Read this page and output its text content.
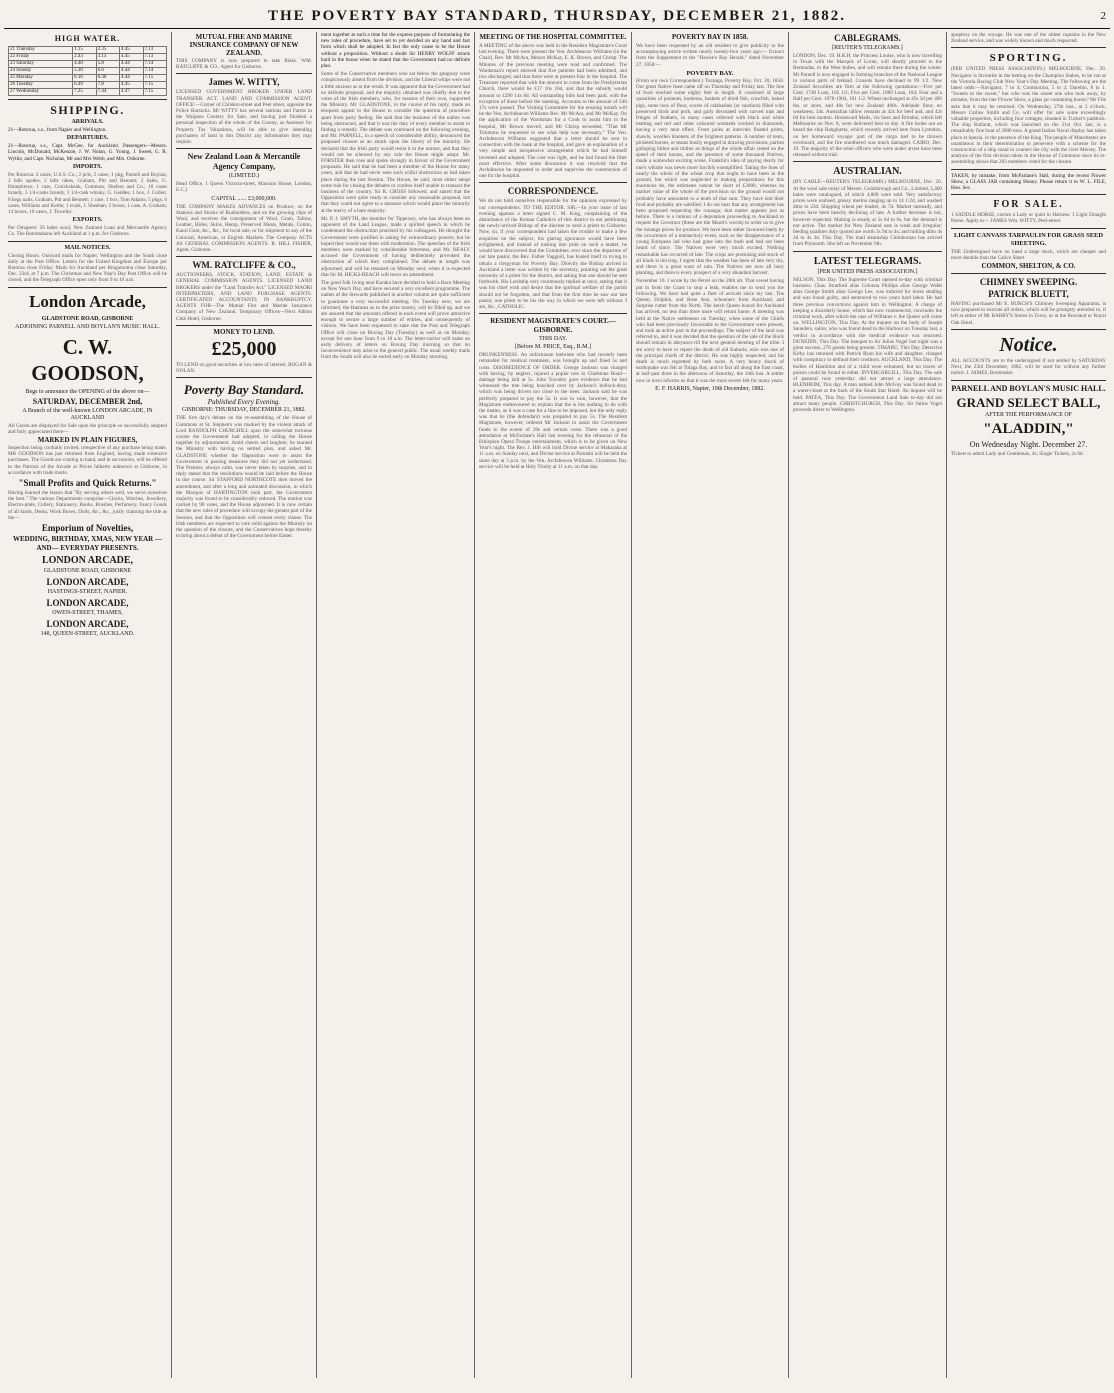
THE POVERTY BAY STANDARD, THURSDAY, DECEMBER 21, 1882.	2
HIGH WATER.
21 Thursday	1.15	2.35	4.45	7.13
22 Friday	2.43	3.13	4.45	7.13
23 Saturday	4.40	5.8	4.44	7.14
24 Sunday	5.30	6.0	4.44	7.14
25 Monday	6.16	6.30	4.44	7.15
26 Tuesday	6.49	7.8	4.45	7.15
27 Wednesday	7.25	7.44	4.47	7.15
SHIPPING.
ARRIVALS.

21—Rotorua, s.s., from Napier and Wellington.

DEPARTURES.

21—Rotorua, s.s., Capt. McGee, for Auckland. Passengers—Messrs. Lincoln, McDonald, McKenzie, J. W. Nolan, G. Young, J. Sweet, G. R. Wyllie, and Capt. Nicholas, Mr and Mrs Webb, and Mrs. Osborne.

IMPORTS.

Per Rotorua: 2 cases, U.S.S. Co.; 2 pcls, 2 cases, 1 pkg, Parnell and Boylan; 3 bdls spades, 2 bdls rakes, Graham, Pitt and Bennett; 2 bales, G. Humphreys; 1 case, Cruickshank, Common, Shelton and Co.; 10 cases brandy, 3 1/4-casks brandy, 1 1/4-cask whisky, G. Geddes; 1 box, J. Cullen; 8 kegs nails, Graham, Pitt and Bennett; 1 case, 1 box, Tom Adams; 5 pkgs, 6 cases, Williams and Kettle; 1 trunk, J. Sheehan; 2 boxes, 1 case, A. Graham; 14 boxes, 10 cases, J. Townley.

EXPORTS.

Per Omapere: 56 bales wool, New Zealand Loan and Mercantile Agency Co. The Rotomahana left Auckland at 1 p.m. for Gisborne.

MAIL NOTICES.

Closing Hours. Outward mails for Napier, Wellington and the South close daily at the Post Office. Letters for the United Kingdom and Europe per Rotorua close Friday. Mails for Auckland per Ringarooma close Saturday, Dec. 23rd, at 7 p.m. The Christmas and New Year's Day Post Office will be closed, and the Telegraph Office open only from 9 to 10 a.m.

London Arcade,
GLADSTONE ROAD, GISBORNE
ADJOINING PARNELL AND BOYLAN'S MUSIC HALL.
C. W. GOODSON,
Begs to announce the OPENING of the above on—
SATURDAY, DECEMBER 2nd,
A Branch of the well-known LONDON ARCADE, IN AUCKLAND

All Goods are displayed for Sale upon the principle so successfully adopted and fully appreciated there—

MARKED IN PLAIN FIGURES,

Inspection being cordially invited, irrespective of any purchase being made. MR GOODSON has just returned from England, having made extensive purchases. The Goods are coming to hand, and in succession, will be offered to the Patrons of the Arcade at Prices hitherto unknown at Gisborne, in accordance with trade motto.

"Small Profits and Quick Returns."

Having learned the lesson that "By serving others well, we serve ourselves the best." The various Departments comprise—Clocks, Watches, Jewellery, Electro-plate, Cutlery, Stationery, Books, Brushes, Perfumery, Fancy Goods of all kinds, Desks, Work Boxes, Dolls, &c., &c., justly claiming the title as the—

Emporium of Novelties,
WEDDING, BIRTHDAY, XMAS, NEW YEAR —AND— EVERYDAY PRESENTS.
LONDON ARCADE,
GLADSTONE ROAD, GISBORNE
LONDON ARCADE,
HASTINGS-STREET, NAPIER.
LONDON ARCADE,
OWEN-STREET, THAMES,
LONDON ARCADE,
148, QUEEN-STREET, AUCKLAND.
MUTUAL FIRE AND MARINE INSURANCE COMPANY OF NEW ZEALAND.

THIS COMPANY is now prepared to take Risks. WM. RATCLIFFE & CO., Agent for Gisborne.

James W. WITTY,

LICENSED GOVERNMENT BROKER UNDER LAND TRANSFER ACT. LAND AND COMMISSION AGENT. OFFICE:—Corner of Childers-street and Peel street, opposite the Police Barracks. Mr WITTY has several stations and Farms in the Waipaoa Country for Sale, and having just finished a personal inspection of the whole of the County, as Assessor for Property Tax Valuations, will be able to give intending purchasers of land in this District any information they may require.

New Zealand Loan & Mercantile Agency Company,
(LIMITED.)

Head Office, 1 Queen Victoria-street, Mansion House, London, E.C.)

CAPITAL ...... £3,000,000.

THE COMPANY MAKES ADVANCES on Produce, on the Stations and Stocks of Runholders, and on the growing clips of Wool, and receives the consignment of Wool, Grain, Tallow, Leather, Hides, Skins, Hemp, Preserved Meats, Metals, Cotton, Kauri Gum, &c., &c., for local sale, or for shipment to any of the Colonial, American, or English Markets. The Company ACTS AS GENERAL COMMISSION AGENTS. R. HILL FISHER, Agent, Gisborne.

WM. RATCLIFFE & CO.,

AUCTIONEERS, STOCK, STATION, LAND, ESTATE & GENERAL COMMISSION AGENTS. LICENSED LAND BROKERS under the "Land Transfer Act." LICENSED MAORI INTERPRETERS, AND LAND PURCHASE AGENTS. CERTIFICATED ACCOUNTANTS IN BANKRUPTCY. AGENTS FOR—The Mutual Fire and Marine Insurance Company of New Zealand. Temporary Offices—Next Albion Club Hotel, Gisborne.

MONEY TO LEND.
£25,000

TO LEND on good securities at low rates of interest. ROGAN & NOLAN.

Poverty Bay Standard.
Published Every Evening.
GISBORNE: THURSDAY, DECEMBER 21, 1882.

THE first day's debate on the re-assembling of the House of Commons at St. Stephen's was marked by the violent attack of Lord RANDOLPH CHURCHILL upon the somewhat tortuous course the Government had adopted, in calling the House together by adjournment. Amid cheers and laughter, he taunted the Ministry with having no settled plan, and asked Mr. GLADSTONE whether the Opposition were to assist the Government in passing measures they did not yet understand. The Premier, always calm, was never taken by surprise, and in reply stated that the resolutions would be laid before the House in due course. Sir STAFFORD NORTHCOTE then moved the amendment, and after a long and animated discussion, in which the Marquis of HARTINGTON took part, the Government majority was found to be considerably reduced. The motion was carried by 98 votes, and the House adjourned. It is now certain that the new rules of procedure will occupy the greater part of the Session, and that the Opposition will contest every clause. The Irish members are expected to vote solid against the Ministry on the question of the closure, and the Conservatives hope thereby to bring about a defeat of the Government before Easter.

ment together at such a time for the express purpose of formulating the new rules of procedure, have set to yet decided on any hand and fast form which shall be adopted. In fact the only cause to be the House without a proposition. Without a doubt Sir HENRY WOLFF struck hard in the house when he stated that the Government had no definite plan.

Some of the Conservative members who sat below the gangway were conspicuously absent from the division, and the Liberal whips were not a little anxious as to the result. It was apparent that the Government had no definite proposal, and the majority obtained was chiefly due to the votes of the Irish members, who, for reasons of their own, supported the Ministry. Mr. GLADSTONE, in the course of his reply, made an eloquent appeal to the House to consider the question of procedure apart from party feeling. He said that the business of the nation was being obstructed, and that it was the duty of every member to assist in finding a remedy. The debate was continued on the following evening, and Mr. PARNELL, in a speech of considerable ability, denounced the proposed closure as an attack upon the liberty of the minority. He declared that the Irish party would resist it to the utmost, and that they would not be silenced by any rule the House might adopt. Mr. FORSTER then rose and spoke strongly in favour of the Government proposals. He said that he had been a member of the House for many years, and that he had never seen such wilful obstruction as had taken place during the last Session. The House, he said, must either adopt some rule for closing the debates or confess itself unable to transact the business of the country. Sir R. CROSS followed, and stated that the Opposition were quite ready to consider any reasonable proposal, but that they could not agree to a measure which would place the minority at the mercy of a bare majority.

Mr. P. J. SMYTH, the member for Tipperary, who has always been an opponent of the Land League, made a spirited speech in which he condemned the obstruction practised by his colleagues. He thought the Government were justified in asking for extraordinary powers, but he hoped they would use them with moderation. The speeches of the Irish members were marked by considerable bitterness, and Mr. HEALY accused the Government of having deliberately provoked the obstruction of which they complained. The debate at length was adjourned, and will be resumed on Monday next, when it is expected that Sir M. HICKS-BEACH will move an amendment.

The good folk living near Karaka have decided to hold a Race Meeting on New Year's Day, and have secured a very excellent programme. The names of the Stewards published in another column are quite sufficient to guarantee a very successful meeting. On Tuesday next, we are informed, the Hamuka as to the prize money, will be filled up, and we are assured that the amounts offered in each event will prove attractive enough to secure a large number of entries, and consequently of visitors. We have been requested to state that the Post and Telegraph Office will close on Boxing Day (Tuesday) as well as on Monday, except for one hour from 9 to 10 a.m. The letter-carrier will make an early delivery of letters on Boxing Day morning so that no inconvenience may arise to the general public. The usual weekly mails from the South will also be sorted early on Monday morning.

MEETING OF THE HOSPITAL COMMITTEE.

A MEETING of the above was held in the Resident Magistrate's Court last evening. There were present the Ven. Archdeacon Williams (in the Chair), Rev. Mr McAra, Messrs McKay, E. K. Brown, and Chrisp. The Minutes of the previous meeting were read and confirmed. The Wardsman's report showed that five patients had been admitted, and two discharged, and that there were at present four in the hospital. The Treasurer reported that with the amount to come from the Presbyterian Church, there would be £17 16s 10d, and that the subsidy would amount to £290 14s 8d. All outstanding bills had been paid, with the exception of those before the meeting. Accounts to the amount of £40 17s were passed. The Visiting Committee for the ensuing month will be the Ven. Archdeacon Williams Rev. Mr McAra, and Mr McKay. On the application of the Wardsman for a Cook to assist him in the hospital, Mr Brown moved, and Mr Chrisp seconded, "That Mr Timmons be requested to see what help was necessary." The Ven. Archdeacon Williams suggested that a letter should be sent in connection with the bank at the hospital, and gave an explanation of a very simple and inexpensive arrangement which he had himself invented and adopted. The cost was light, and he had found the filter most effective. After some discussion it was resolved that the Archdeacon be requested to order and supervise the construction of one for the hospital.

CORRESPONDENCE.

We do not hold ourselves responsible for the opinions expressed by our correspondents. TO THE EDITOR. SIR,—In your issue of last evening appears a letter signed C. M. King, complaining of the disturbance of the Roman Catholics of this district in not petitioning the newly-arrived Bishop of the diocese to send a priest to Gisborne. Now, sir, if your correspondent had taken the trouble to make a few enquiries on the subject, his glaring ignorance would have been enlightened, and instead of rushing into print on such a matter, he would have discovered that the Committee, ever since the departure of our late pastor, the Rev. Father Vaggioli, has busied itself in trying to obtain a clergyman for Poverty Bay. Directly the Bishop arrived in Auckland a letter was written by the secretary, pointing out the great necessity of a priest for the district, and asking that one should be sent forthwith. His Lordship very courteously replied at once, stating that it was his chief wish and desire that the spiritual welfare of the parish should not be forgotten, and that from the first time he saw our late pastor, one priest to be his the way in which we were left without. I am, &c., CATHOLIC.

RESIDENT MAGISTRATE'S COURT.—GISBORNE.
THIS DAY.
[Before M. PRICE, Esq., R.M.]

DRUNKENNESS. An unfortunate inebriate who had recently been remanded for medical treatment, was brought up and fined 5s and costs. DISOBEDIENCE OF ORDER. George Jackson was charged with having, by neglect, injured a poplar tree in Gladstone Road—damage being laid at 5s. John Townley gave evidence that he had witnessed the tree being knocked over by Jackson's bullock-dray, which was being driven too close to the trees. Jackson said he was perfectly prepared to pay the 5s. It was in vain, however, that the Magistrate endeavoured to explain that the is but nothing to do with the matter, as it was a case for a fine to be imposed, but the only reply was that he (the defendant) was prepared to pay 5s. The Resident Magistrate, however, ordered Mr Jackson to assist the Government funds to the extent of 20s and certain costs. There was a good attendance at McFarlane's Hall last evening for the rehearsal of the Ethiopian Opera Troupe entertainment, which is to be given on New Year's night. The Rev. J. Hill will hold Divine service at Makaraka at 11 a.m. on Sunday next, and Divine service at Patutahi will be held the same day at 3 p.m. by the Ven. Archdeacon Williams. Christmas Day service will be held at Holy Trinity at 11 a.m. on that day.

POVERTY BAY IN 1858.

We have been requested by an old resident to give publicity to the accompanying article written nearly twenty-four years ago:— Extract from the Supplement to the "Hawke's Bay Herald," dated November 27, 1858:—

POVERTY BAY.

(From our own Correspondent.) Turanga, Poverty Bay, Oct. 20, 1858. Our great Native feast came off on Thursday and Friday last. The line of food reached some eighty feet in length. It consisted of large quantities of potatoes, kumeras, baskets of dried fish, crawfish, baked pigs, some tons of flour, scores of calabashes (or sunduns) filled with preserved birds and pork, and gaily decorated with carved tops and fringes of feathers, in many cases relieved with black and white matting and red and other coloured worsteds worked in diamonds, having a very neat effect. From poles at intervals floated prints, shawls, woollen blankets of the brightest patterns. A number of tents, picketed horses, or teams busily engaged in drawing provisions, parties galloping hither and thither as things of the whole affair rested on the speed of their horses, and the presence of some thousand Natives, made a somewhat exciting scene. Franklin's idea of paying dearly for one's whistle was never more forcibly exemplified. Taking the lines of nearly the whole of the wheat crop that ought to have been in the ground, but which was neglected in making preparations for this enormous do, the estimates cannot be short of £2000, whereas its market value of the whole of the provision on the ground would not probably have amounted to a tenth of that sum. They have laid their food and probably are satisfied. I do not hear that any arrangement has been proposed respecting the runanga; that matter appears just as before. There is a rumour of a deputation proceeding to Auckland to request the Governor (these are the Maori's words) to order us to give the runanga prices for produce. We have been rather favoured lately by the occurrence of a melancholy event, such as the disappearance of a young European lad who had gone into the bush and had not been heard of since. The Natives were very much excited. Nothing remarkable has occurred of late. The crops are promising and stock of all kinds is thriving. I regret that the weather has been of late very dry, and there is a great want of rain. The Natives are now all busy planting, and there is every prospect of a very abundant harvest.

November 10. I wrote by the Petrel on the 20th ult. That vessel having put in from the Coast to stop a leak, enables me to send you the following. We have had quite a fleet of arrivals since my last. The Queen, Dolphin, and Rose Ann, schooners from Auckland, and Surprise cutter from the North. The ketch Queen bound for Auckland has arrived, no less than three more will return home. A meeting was held at the Native settlement on Tuesday, when some of the Chiefs who had been previously favourable to the Government were present, and took an active part in the proceedings. The subject of the land was referred to, and it was decided that the question of the sale of the block should remain in abeyance till the next general meeting of the tribe. I am sorry to have to report the death of old Kahutia, who was one of the principal chiefs of the district. He was highly respected, and his death is much regretted by both races. A very heavy shock of earthquake was felt at Tolaga Bay, and in fact all along the East coast, at half-past three in the afternoon of Saturday, the 16th inst. A settler now in town informs us that it was the most severe felt for many years.

E. F. HARRIS, Napier, 19th December, 1882.
CABLEGRAMS.
[REUTER'S TELEGRAMS.]

LONDON, Dec. 19. H.R.H. the Princess Louise, who is now travelling in Texas with the Marquis of Lorne, will shortly proceed to the Bermudas, in the West Indies, and will remain there during the winter. Mr Parnell is now engaged in forming branches of the National League in various parts of Ireland. Consols have declined to 99 1/2. New Zealand Securities are firm at the following quotations:—Five per Cent. 1740 Loan, 105 1/2; Five per Cent. 1889 Loan, 104; Four and a Half per Cent. 1878-1904, 101 1/2. Wheat unchanged at 45s 3d per 496 lbs. or store, and 48s for new Zealand 480s. Adelaide flour, no weakness, 34s. Australian tallow remains at 42s for beef and, and 42s 6d for best mutton. Horseward Mails, via Suez and Brindisi, which left Melbourne on Nov. 8, were delivered here to day. A fire broke out on board the ship Ranginetta, which recently arrived here from Lyttelton, on her homeward voyage: part of the cargo had to be thrown overboard, and the fire smothered was much damaged. CAIRO, Dec. 19. The majority of the rebel officers who were under arrest have been released without trial.

AUSTRALIAN.

(BY CABLE—REUTER'S TELEGRAMS.) MELBOURNE, Dec. 20. At the wool sale today of Messrs. Goldsbrough and Co., Limited, 5,460 bales were catalogued, of which 4,800 were sold. Very satisfactory prices were realised, greasy merino ranging up to 14 1/2d, and washed ditto to 23d. Shipping wheat per bushel, 4s 7d. Market unsteady, and prices have been heavily declining of late. A further decrease is not, however expected. Malting is steady at 5s 6d to 6s, but the demand is not active. The market for New Zealand oats is weak and irregular; feeding qualities duly quoted are worth 3s 9d to 4s; and milling ditto 4s 2d to 4s 3d. This Day. The mail steamship Chimborazo has arrived from Plymouth. She left on November 6th.

LATEST TELEGRAMS.
[PER UNITED PRESS ASSOCIATION.]

NELSON, This Day. The Supreme Court opened to-day with criminal business. Chas. Stratford alias Colonna Phillips alias George Webb alias George Smith alias George Lee, was indicted for horse stealing and was found guilty, and sentenced to two years hard labor. He had three previous convictions against him in Wellington. A charge of keeping a disorderly house, which has now commenced, concludes the criminal work, after which the case of Williams v. the Queen will come on. WELLINGTON, This Day. At the inquest on the body of Joseph Saunders, sailor, who was found dead in the Harbour on Tuesday last, a verdict in accordance with the medical evidence was returned. DUNEDIN, This Day. The banquet to Sir Julius Vogel last night was a great success, 270 guests being present. TIMARU, This Day. Detective Kirby has returned with Patrick Ryan his wife and daughter, charged with conspiracy to defraud their creditors. AUCKLAND, This Day. The bodies of Hamilton and of a child were exhumed, but no traces of poison could be found in either. INVERCARGILL, This Day. The sale of pastoral runs yesterday did not attract a large attendance. BLENHEIM, This day. A man named John McIvoy was found dead in a water-closet at the back of the South Star Hotel. An inquest will be held. PATEA, This Day. The Government Land Sale to-day did not attract many people. CHRISTCHURCH, This Day. Sir Julius Vogel proceeds direct to Wellington.

apoplexy on the voyage. He was one of the oldest captains in the New Zealand service, and was widely known and much respected.

SPORTING.

(PER UNITED PRESS ASSOCIATION.) MELBOURNE, Dec. 20. Navigator is favourite in the betting on the Champion Stakes, to be run at the Victoria Racing Club New Year's Day Meeting. The following are the latest odds:—Navigator, 7 to 4; Commotion, 5 to 2; Darebin, 8 to 1. "Sweets to the sweet," but who was the sweet one who took away, by mistake, from the late Flower Show, a glass jar containing honey? Mr File asks that it may be returned. On Wednesday, 27th inst., at 2 o'clock, Messrs Carlaw Smith and Co. will offer for sale some exceedingly valuable properties, including four cottages, situated in Tucker's paddock. The ship Ballarat, which was launched on the 21st Oct. last, is a remarkably fine boat of 2000 tons. A grand Italian Naval display has taken place at Spezia, in the presence of the King. The people of Manchester are unanimous in their determination to persevere with a scheme for the construction of a ship canal to connect the city with the river Mersey. The analysis of the first division taken in the House of Commons since its re-assembling shows that 203 members voted for the closure.

TAKEN, by mistake, from McFarlane's Hall, during the recent Flower Show, a GLASS JAR containing Honey. Please return it to W. L. FILE, Hon. Sec.

FOR SALE.

1 SADDLE HORSE, carries a Lady or quiet in Harness. 1 Light Draught Horse. Apply to— JAMES Wm. WITTY, Peel-street.

LIGHT CANVASS TARPAULIN FOR GRASS SEED SHEETING.

THE Undersigned have on hand a large stock, which are cheaper and more durable than the Calico Sheet.

COMMON, SHELTON, & CO.
CHIMNEY SWEEPING.
PATRICK BLUETT,

HAVING purchased Mr E. BURCH'S Chimney Sweeping Apparatus, is now prepared to execute all orders, which will be promptly attended to, if left at either of Mr BARRY'S Stores in Town, or at the Rowland or Royal Oak Hotel.

Notice.

ALL ACCOUNTS are to the undersigned if not settled by SATURDAY Next, the 23rd December, 1882, will be sued for without any further notice. J. JAMES, Bootmaker.

PARNELL AND BOYLAN'S MUSIC HALL.
GRAND SELECT BALL,
AFTER THE PERFORMANCE OF
"ALADDIN,"
On Wednesday Night. December 27.

Tickets to admit Lady and Gentleman, 4s; Single Tickets, 2s 6d.
